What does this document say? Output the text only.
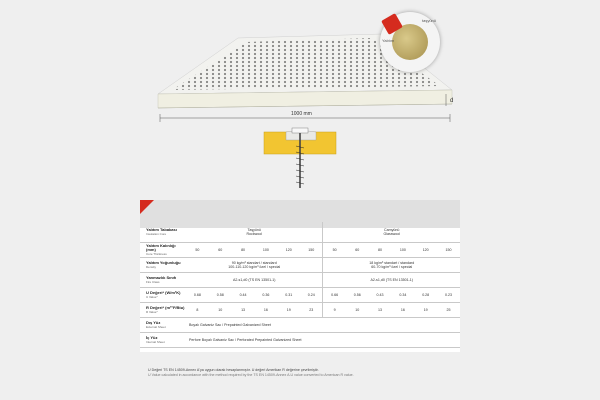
Yalıtım
taşyünü
d
1000 mm
Yalıtım Tabakası
Insulation Core	Taşyünü
Rockwool						Camyünü
Glasswool					

Yalıtım Kalınlığı (mm)
Core Thickness	50	60	80	100	120	150	50	60	80	100	120	150

Yalıtım Yoğunluğu
Density	90 kg/m³ standart / standard
100-110-120 kg/m³ özel / special						18 kg/m³ standart / standard
60-70 kg/m³ özel / special					

Yanmazlık Sınıfı
Fire Class	A2-s1,d0 (TS EN 13501-1)						A2-s1,d0 (TS EN 13501-1)					

U Değeri* (W/m²K)
U Value*	0.68	0.58	0.44	0.36	0.31	0.24	0.66	0.56	0.43	0.34	0.28	0.23

R Değeri* (m²°F/Btu)
R Value*	8	10	13	16	19	23	9	10	13	16	19	25

Dış Yüz
External Sheet	Boyalı Galvaniz Sac / Prepainted Galvanized Sheet											

İç Yüz
Internal Sheet	Perfore Boyalı Galvaniz Sac / Perforated Prepainted Galvanized Sheet											
U Değeri TS EN 14509-Annex A'ya uygun olarak hesaplanmıştır. U değeri Amerikan R değerine çevrilmiştir.
U Value calculated in accordance with the method required by the TS EN 14509-Annex A.U value converted to American R value.
